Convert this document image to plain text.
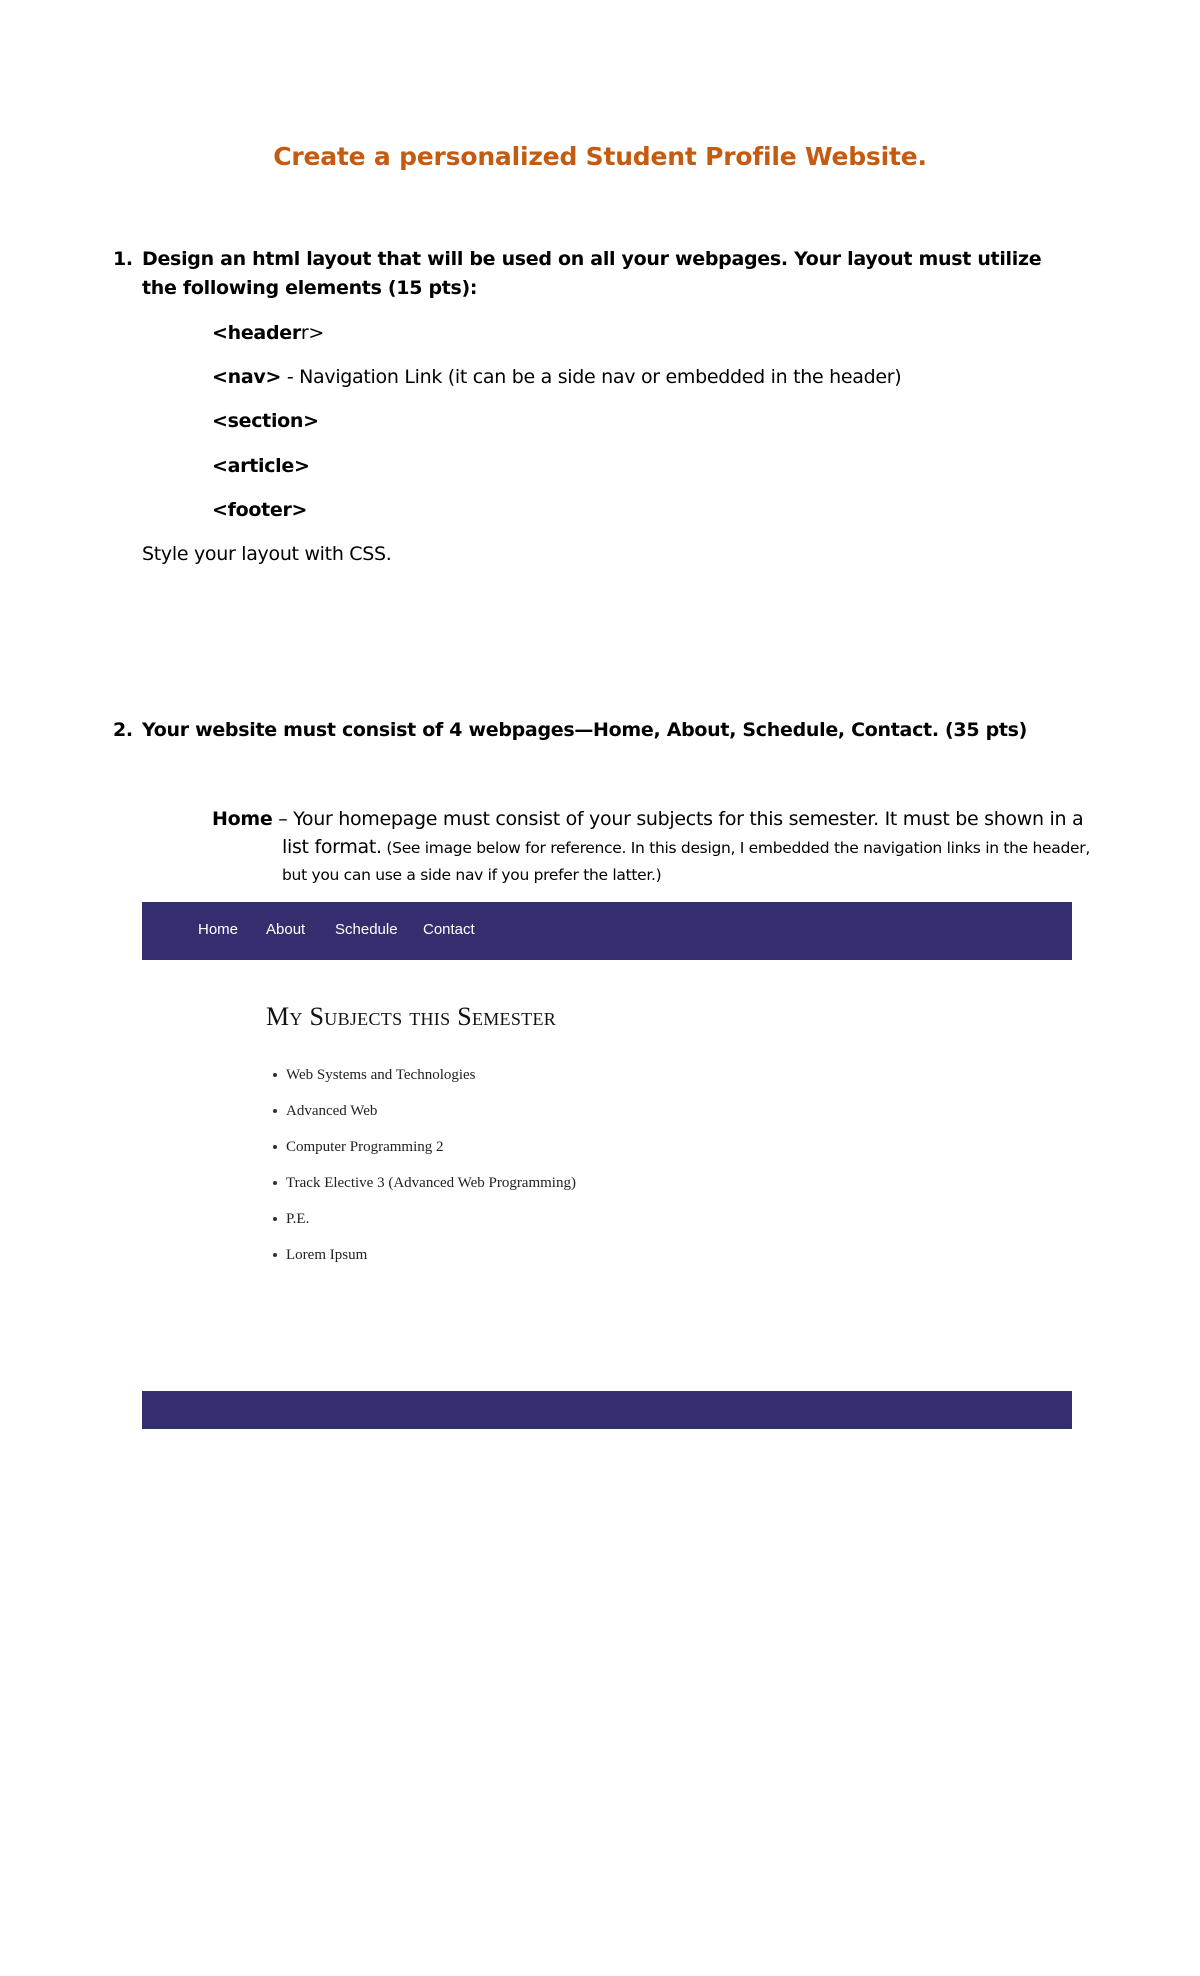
Create a personalized Student Profile Website.
1. Design an html layout that will be used on all your webpages. Your layout must utilize the following elements (15 pts):
<headerr>
<nav> - Navigation Link (it can be a side nav or embedded in the header)
<section>
<article>
<footer>
Style your layout with CSS.
2. Your website must consist of 4 webpages—Home, About, Schedule, Contact. (35 pts)
Home – Your homepage must consist of your subjects for this semester. It must be shown in a
list format. (See image below for reference. In this design, I embedded the navigation links in the header,
but you can use a side nav if you prefer the latter.)
Home About Schedule Contact
My Subjects this Semester
Web Systems and Technologies
Advanced Web
Computer Programming 2
Track Elective 3 (Advanced Web Programming)
P.E.
Lorem Ipsum
